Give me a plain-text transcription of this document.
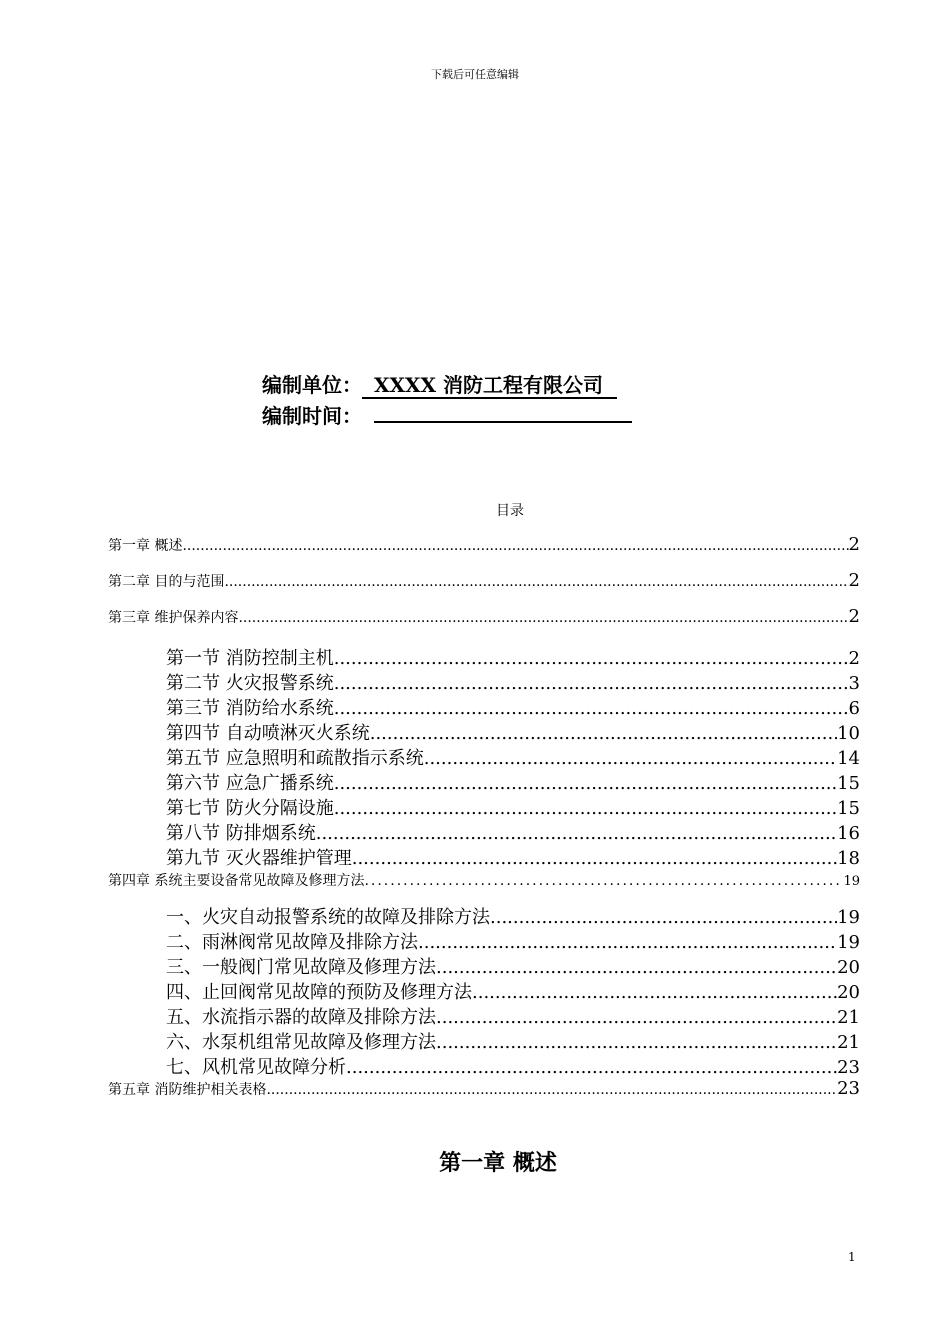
下载后可任意编辑
编制单位： XXXX 消防工程有限公司
编制时间：
目录
第一章 概述 .....	2
第二章 目的与范围 .....	2
第三章 维护保养内容 .....	2
第一节 消防控制主机 .....	2
第二节 火灾报警系统 .....	3
第三节 消防给水系统 .....	6
第四节 自动喷淋灭火系统 .....	10
第五节 应急照明和疏散指示系统 .....	14
第六节 应急广播系统 .....	15
第七节 防火分隔设施 .....	15
第八节 防排烟系统 .....	16
第九节 灭火器维护管理 .....	18
第四章 系统主要设备常见故障及修理方法 .....	19
一、火灾自动报警系统的故障及排除方法 .....	19
二、雨淋阀常见故障及排除方法 .....	19
三、一般阀门常见故障及修理方法 .....	20
四、止回阀常见故障的预防及修理方法 .....	20
五、水流指示器的故障及排除方法 .....	21
六、水泵机组常见故障及修理方法 .....	21
七、风机常见故障分析 .....	23
第五章 消防维护相关表格 .....	23
第一章 概述
1
